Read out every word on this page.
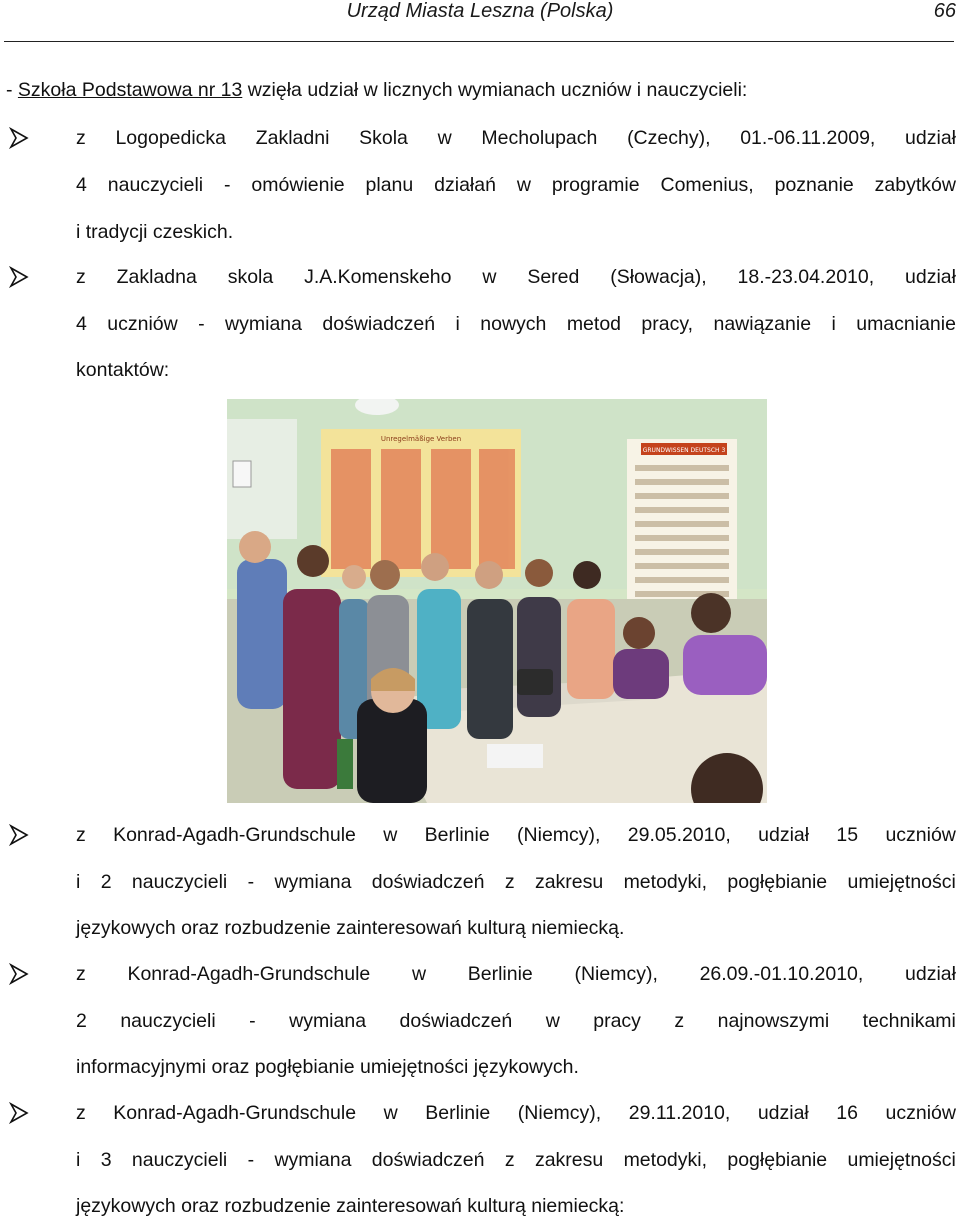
Urząd Miasta Leszna (Polska)	66
- Szkoła Podstawowa nr 13 wzięła udział w licznych wymianach uczniów i nauczycieli:
z Logopedicka Zakladni Skola w Mecholupach (Czechy), 01.-06.11.2009, udział
4 nauczycieli - omówienie planu działań w programie Comenius, poznanie zabytków
i tradycji czeskich.
z Zakladna skola J.A.Komenskeho w Sered (Słowacja), 18.-23.04.2010, udział
4 uczniów - wymiana doświadczeń i nowych metod pracy, nawiązanie i umacnianie
kontaktów:
Unregelmäßige Verben
GRUNDWISSEN DEUTSCH 3
z Konrad-Agadh-Grundschule w Berlinie (Niemcy), 29.05.2010, udział 15 uczniów
i 2 nauczycieli - wymiana doświadczeń z zakresu metodyki, pogłębianie umiejętności
językowych oraz rozbudzenie zainteresowań kulturą niemiecką.
z Konrad-Agadh-Grundschule w Berlinie (Niemcy), 26.09.-01.10.2010, udział
2 nauczycieli - wymiana doświadczeń w pracy z najnowszymi technikami
informacyjnymi oraz pogłębianie umiejętności językowych.
z Konrad-Agadh-Grundschule w Berlinie (Niemcy), 29.11.2010, udział 16 uczniów
i 3 nauczycieli - wymiana doświadczeń z zakresu metodyki, pogłębianie umiejętności
językowych oraz rozbudzenie zainteresowań kulturą niemiecką:
